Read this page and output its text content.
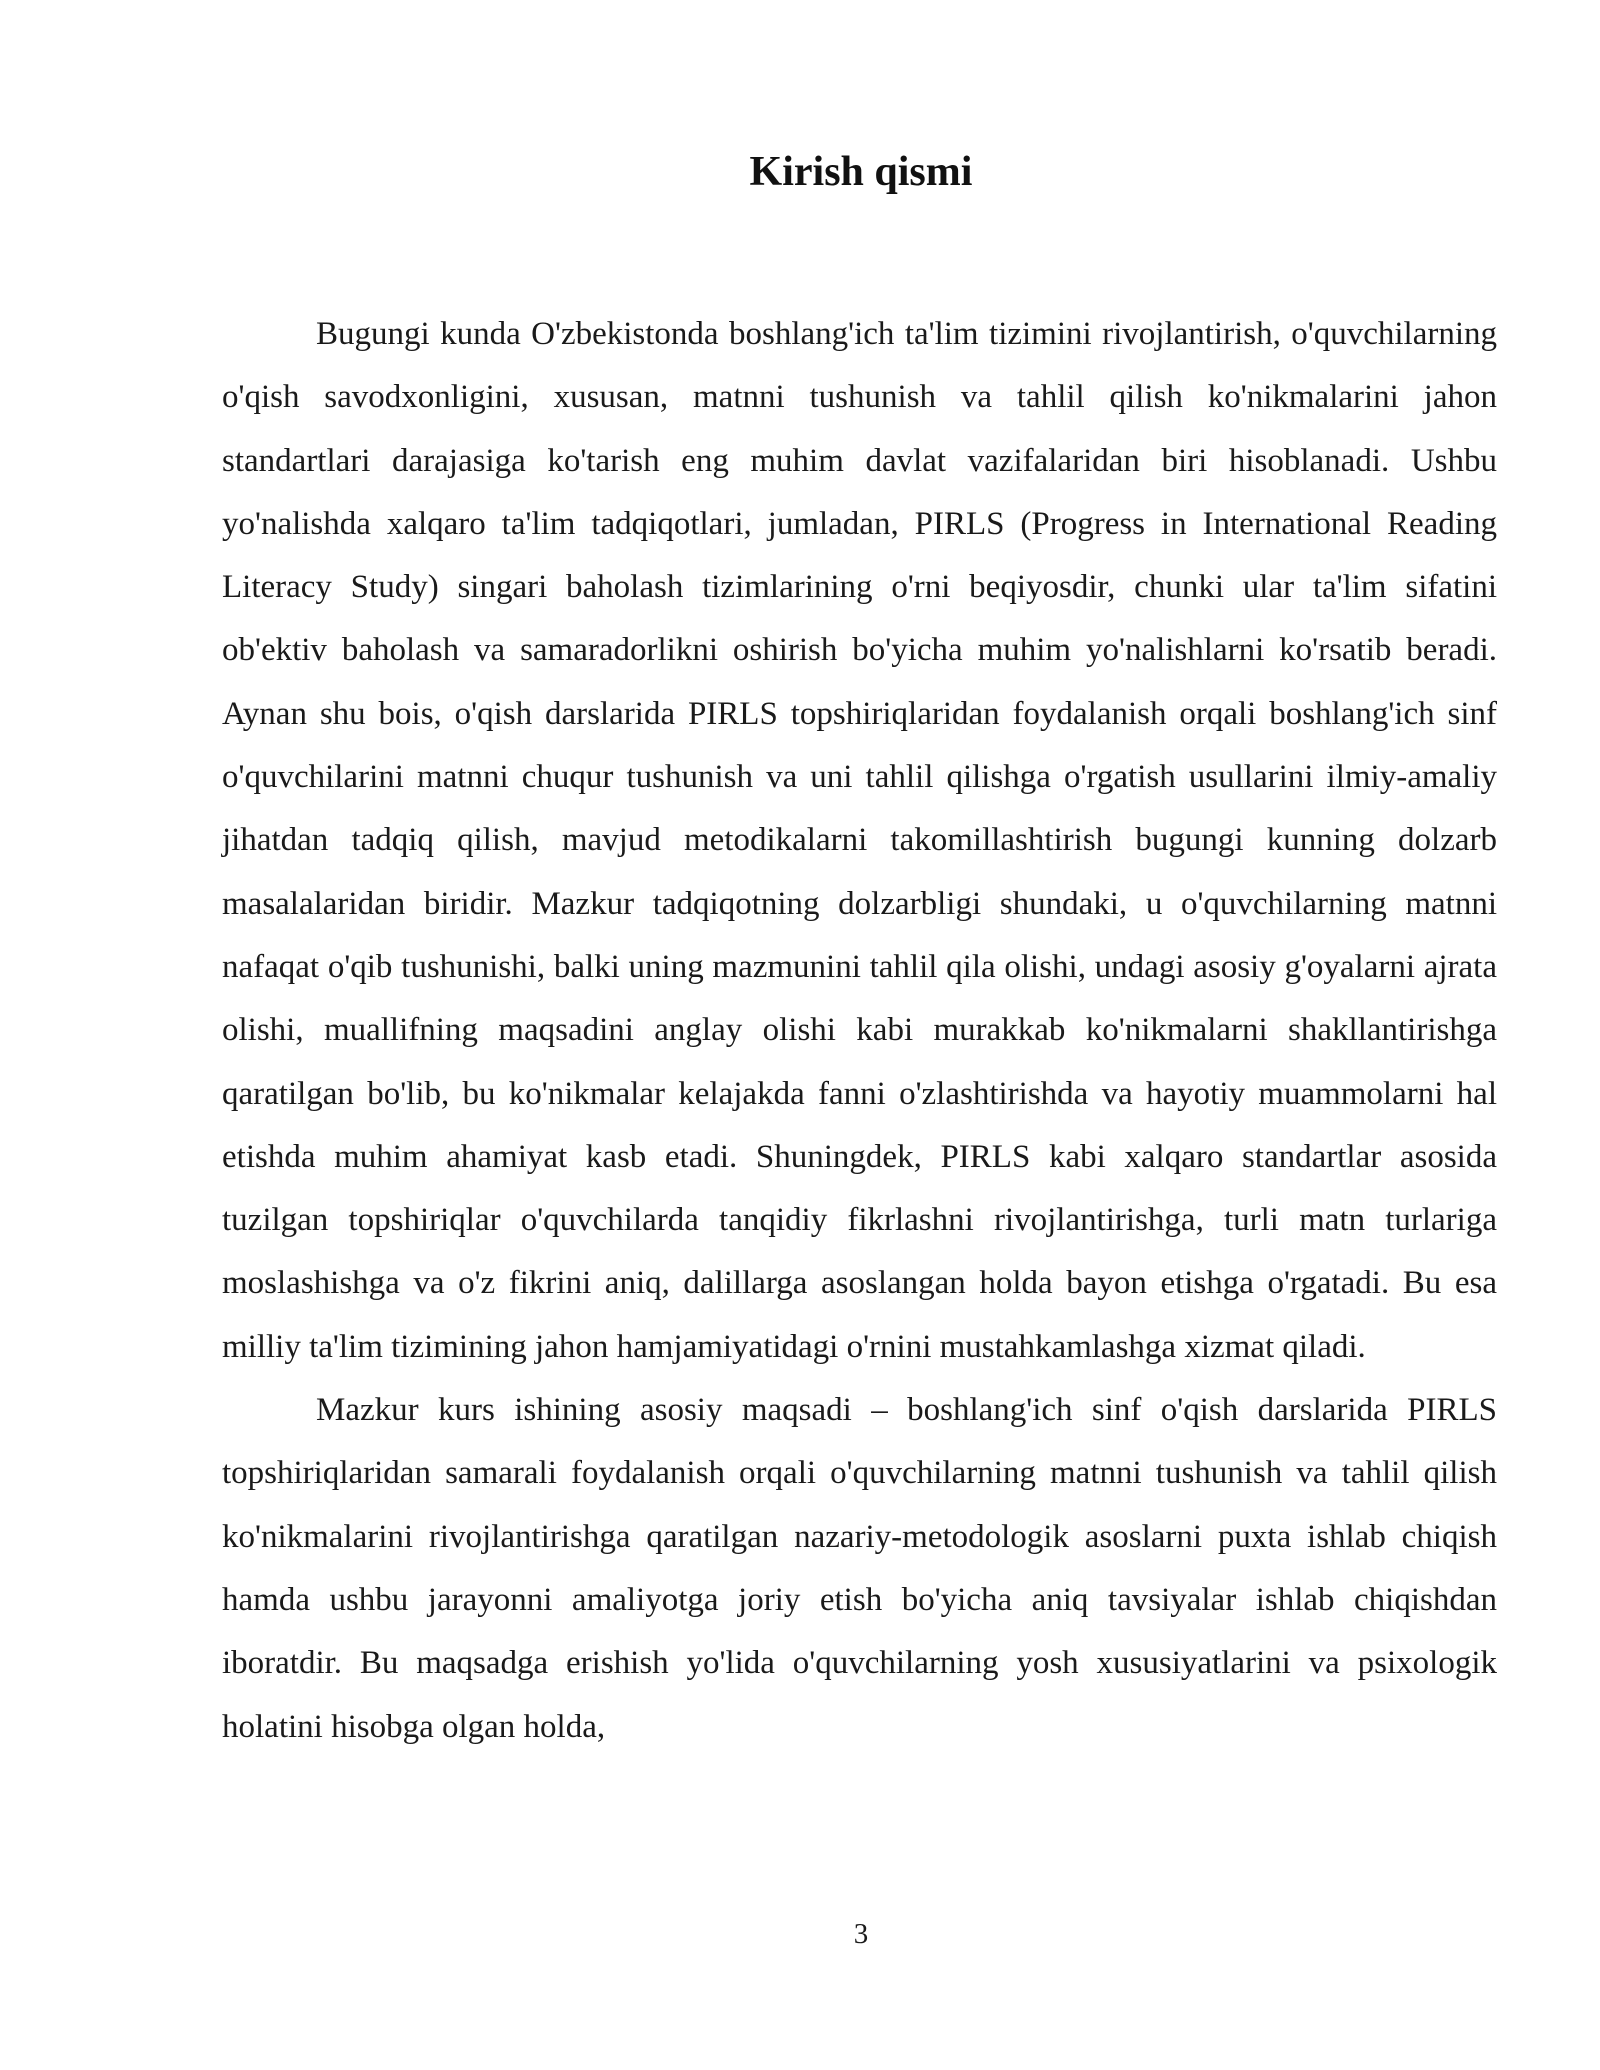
Kirish qismi

Bugungi kunda O'zbekistonda boshlang'ich ta'lim tizimini rivojlantirish, o'quvchilarning o'qish savodxonligini, xususan, matnni tushunish va tahlil qilish ko'nikmalarini jahon standartlari darajasiga ko'tarish eng muhim davlat vazifalaridan biri hisoblanadi. Ushbu yo'nalishda xalqaro ta'lim tadqiqotlari, jumladan, PIRLS (Progress in International Reading Literacy Study) singari baholash tizimlarining o'rni beqiyosdir, chunki ular ta'lim sifatini ob'ektiv baholash va samaradorlikni oshirish bo'yicha muhim yo'nalishlarni ko'rsatib beradi. Aynan shu bois, o'qish darslarida PIRLS topshiriqlaridan foydalanish orqali boshlang'ich sinf o'quvchilarini matnni chuqur tushunish va uni tahlil qilishga o'rgatish usullarini ilmiy-amaliy jihatdan tadqiq qilish, mavjud metodikalarni takomillashtirish bugungi kunning dolzarb masalalaridan biridir. Mazkur tadqiqotning dolzarbligi shundaki, u o'quvchilarning matnni nafaqat o'qib tushunishi, balki uning mazmunini tahlil qila olishi, undagi asosiy g'oyalarni ajrata olishi, muallifning maqsadini anglay olishi kabi murakkab ko'nikmalarni shakllantirishga qaratilgan bo'lib, bu ko'nikmalar kelajakda fanni o'zlashtirishda va hayotiy muammolarni hal etishda muhim ahamiyat kasb etadi. Shuningdek, PIRLS kabi xalqaro standartlar asosida tuzilgan topshiriqlar o'quvchilarda tanqidiy fikrlashni rivojlantirishga, turli matn turlariga moslashishga va o'z fikrini aniq, dalillarga asoslangan holda bayon etishga o'rgatadi. Bu esa milliy ta'lim tizimining jahon hamjamiyatidagi o'rnini mustahkamlashga xizmat qiladi.

Mazkur kurs ishining asosiy maqsadi – boshlang'ich sinf o'qish darslarida PIRLS topshiriqlaridan samarali foydalanish orqali o'quvchilarning matnni tushunish va tahlil qilish ko'nikmalarini rivojlantirishga qaratilgan nazariy-metodologik asoslarni puxta ishlab chiqish hamda ushbu jarayonni amaliyotga joriy etish bo'yicha aniq tavsiyalar ishlab chiqishdan iboratdir. Bu maqsadga erishish yo'lida o'quvchilarning yosh xususiyatlarini va psixologik holatini hisobga olgan holda,

3
